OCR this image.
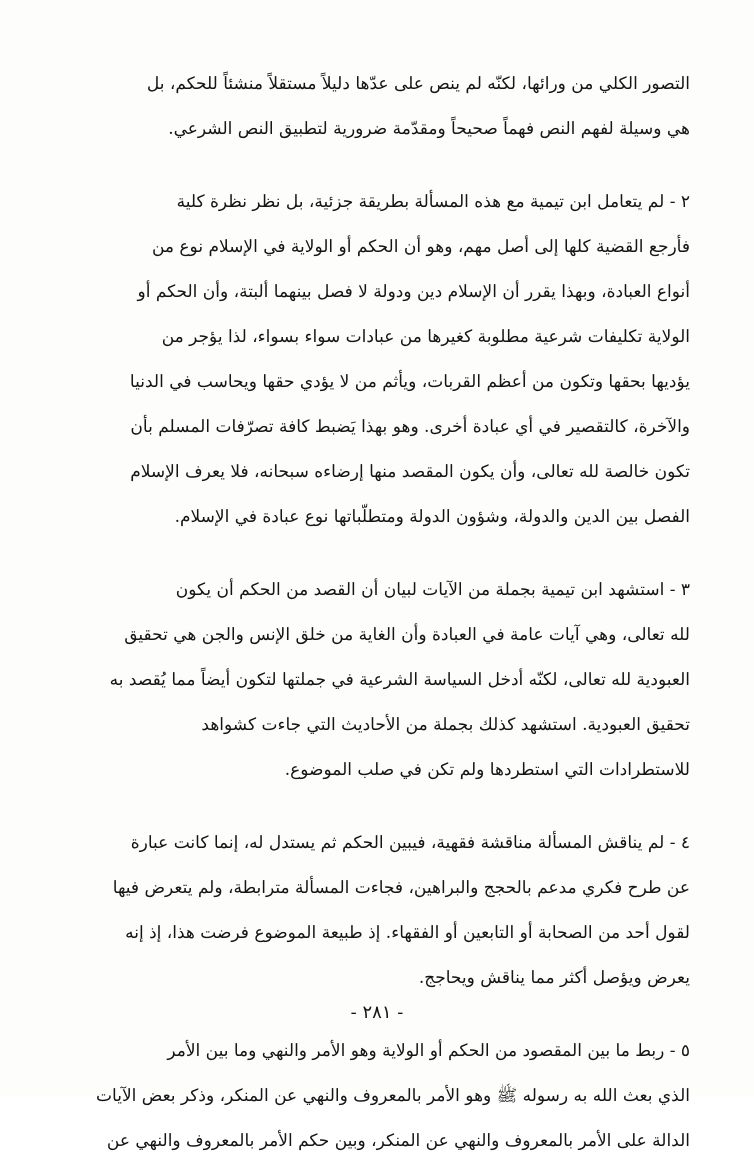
التصور الكلي من ورائها، لكنّه لم ينص على عدّها دليلاً مستقلاً منشئاً للحكم، بل
هي وسيلة لفهم النص فهماً صحيحاً ومقدّمة ضرورية لتطبيق النص الشرعي.
٢ - لم يتعامل ابن تيمية مع هذه المسألة بطريقة جزئية، بل نظر نظرة كلية
فأرجع القضية كلها إلى أصل مهم، وهو أن الحكم أو الولاية في الإسلام نوع من
أنواع العبادة، وبهذا يقرر أن الإسلام دين ودولة لا فصل بينهما ألبتة، وأن الحكم أو
الولاية تكليفات شرعية مطلوبة كغيرها من عبادات سواء بسواء، لذا يؤجر من
يؤديها بحقها وتكون من أعظم القربات، ويأثم من لا يؤدي حقها ويحاسب في الدنيا
والآخرة، كالتقصير في أي عبادة أخرى. وهو بهذا يَضبط كافة تصرّفات المسلم بأن
تكون خالصة لله تعالى، وأن يكون المقصد منها إرضاءه سبحانه، فلا يعرف الإسلام
الفصل بين الدين والدولة، وشؤون الدولة ومتطلّباتها نوع عبادة في الإسلام.
٣ - استشهد ابن تيمية بجملة من الآيات لبيان أن القصد من الحكم أن يكون
لله تعالى، وهي آيات عامة في العبادة وأن الغاية من خلق الإنس والجن هي تحقيق
العبودية لله تعالى، لكنّه أدخل السياسة الشرعية في جملتها لتكون أيضاً مما يُقصد به
تحقيق العبودية. استشهد كذلك بجملة من الأحاديث التي جاءت كشواهد
للاستطرادات التي استطردها ولم تكن في صلب الموضوع.
٤ - لم يناقش المسألة مناقشة فقهية، فيبين الحكم ثم يستدل له، إنما كانت عبارة
عن طرح فكري مدعم بالحجج والبراهين، فجاءت المسألة مترابطة، ولم يتعرض فيها
لقول أحد من الصحابة أو التابعين أو الفقهاء. إذ طبيعة الموضوع فرضت هذا، إذ إنه
يعرض ويؤصل أكثر مما يناقش ويحاجج.
٥ - ربط ما بين المقصود من الحكم أو الولاية وهو الأمر والنهي وما بين الأمر
الذي بعث الله به رسوله ﷺ وهو الأمر بالمعروف والنهي عن المنكر، وذكر بعض الآيات
الدالة على الأمر بالمعروف والنهي عن المنكر، وبين حكم الأمر بالمعروف والنهي عن
- ٢٨١ -
